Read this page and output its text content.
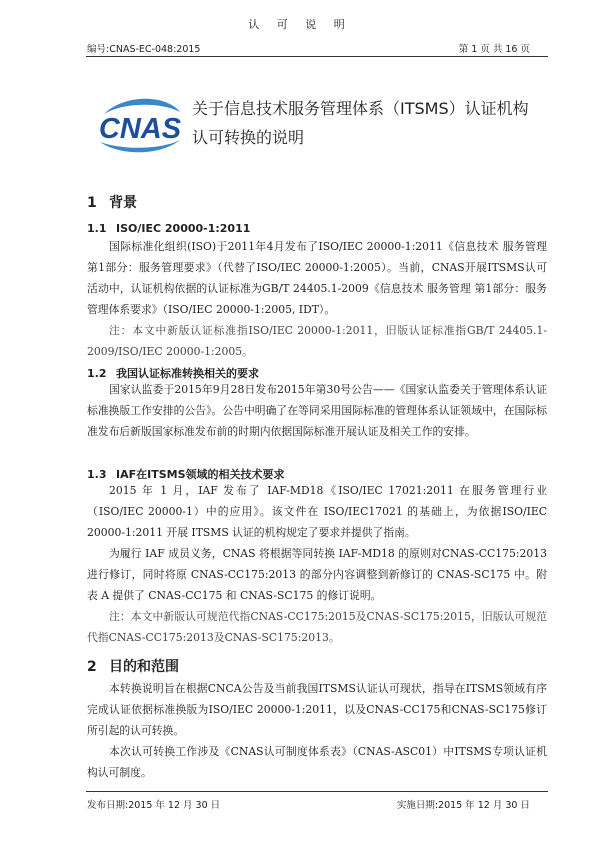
认 可 说 明
编号:CNAS-EC-048:2015	第 1 页 共 16 页
CNAS
关于信息技术服务管理体系（ITSMS）认证机构
认可转换的说明
1 背景
1.1 ISO/IEC 20000-1:2011
国际标准化组织(ISO)于2011年4月发布了ISO/IEC 20000-1:2011《信息技术 服务管理 第1部分：服务管理要求》（代替了ISO/IEC 20000-1:2005）。当前，CNAS开展ITSMS认可活动中，认证机构依据的认证标准为GB/T 24405.1-2009《信息技术 服务管理 第1部分：服务管理体系要求》（ISO/IEC 20000-1:2005, IDT）。
注：本文中新版认证标准指ISO/IEC 20000-1:2011，旧版认证标准指GB/T 24405.1-2009/ISO/IEC 20000-1:2005。
1.2 我国认证标准转换相关的要求
国家认监委于2015年9月28日发布2015年第30号公告——《国家认监委关于管理体系认证标准换版工作安排的公告》。公告中明确了在等同采用国际标准的管理体系认证领域中，在国际标准发布后新版国家标准发布前的时期内依据国际标准开展认证及相关工作的安排。
1.3 IAF在ITSMS领域的相关技术要求
2015 年 1 月，IAF 发布了 IAF-MD18《ISO/IEC 17021:2011 在服务管理行业（ISO/IEC 20000-1）中的应用》。该文件在 ISO/IEC17021 的基础上，为依据ISO/IEC 20000-1:2011 开展 ITSMS 认证的机构规定了要求并提供了指南。
为履行 IAF 成员义务，CNAS 将根据等同转换 IAF-MD18 的原则对CNAS-CC175:2013 进行修订，同时将原 CNAS-CC175:2013 的部分内容调整到新修订的 CNAS-SC175 中。附表 A 提供了 CNAS-CC175 和 CNAS-SC175 的修订说明。
注：本文中新版认可规范代指CNAS-CC175:2015及CNAS-SC175:2015，旧版认可规范代指CNAS-CC175:2013及CNAS-SC175:2013。
2 目的和范围
本转换说明旨在根据CNCA公告及当前我国ITSMS认证认可现状，指导在ITSMS领域有序完成认证依据标准换版为ISO/IEC 20000-1:2011，以及CNAS-CC175和CNAS-SC175修订所引起的认可转换。
本次认可转换工作涉及《CNAS认可制度体系表》（CNAS-ASC01）中ITSMS专项认证机构认可制度。
发布日期:2015 年 12 月 30 日	实施日期:2015 年 12 月 30 日
